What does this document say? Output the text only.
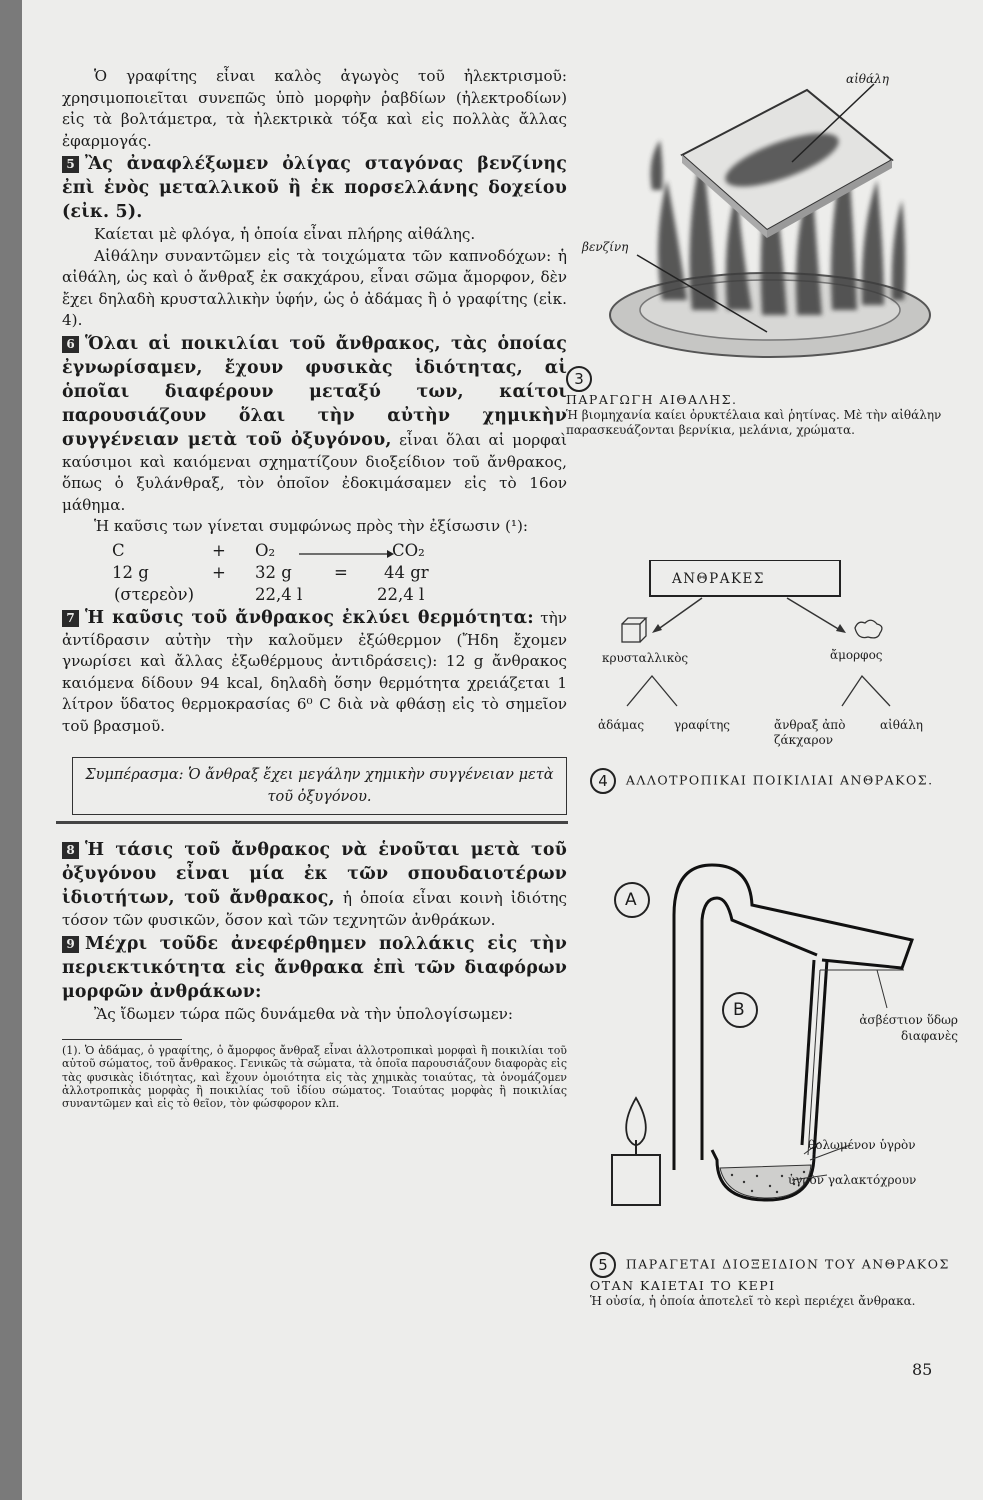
Ὁ γραφίτης εἶναι καλὸς ἀγωγὸς τοῦ ἠλεκτρισμοῦ: χρησιμοποιεῖται συνεπῶς ὑπὸ μορφὴν ῥαβδίων (ἠλεκτροδίων) εἰς τὰ βολτάμετρα, τὰ ἠλεκτρικὰ τόξα καὶ εἰς πολλὰς ἄλλας ἐφαρμογάς.

5 Ἂς ἀναφλέξωμεν ὀλίγας σταγόνας βενζίνης ἐπὶ ἑνὸς μεταλλικοῦ ἢ ἐκ πορσελλάνης δοχείου (εἰκ. 5).

Καίεται μὲ φλόγα, ἡ ὁποία εἶναι πλήρης αἰθάλης.

Αἰθάλην συναντῶμεν εἰς τὰ τοιχώματα τῶν καπνοδόχων: ἡ αἰθάλη, ὡς καὶ ὁ ἄνθραξ ἐκ σακχάρου, εἶναι σῶμα ἄμορφον, δὲν ἔχει δηλαδὴ κρυσταλλικὴν ὑφήν, ὡς ὁ ἀδάμας ἢ ὁ γραφίτης (εἰκ. 4).

6 Ὅλαι αἱ ποικιλίαι τοῦ ἄνθρακος, τὰς ὁποίας ἐγνωρίσαμεν, ἔχουν φυσικὰς ἰδιότητας, αἱ ὁποῖαι διαφέρουν μεταξύ των, καίτοι παρουσιάζουν ὅλαι τὴν αὐτὴν χημικὴν συγγένειαν μετὰ τοῦ ὀξυγόνου, εἶναι ὅλαι αἱ μορφαὶ καύσιμοι καὶ καιόμεναι σχηματίζουν διοξείδιον τοῦ ἄνθρακος, ὅπως ὁ ξυλάνθραξ, τὸν ὁποῖον ἐδοκιμάσαμεν εἰς τὸ 16ον μάθημα.

Ἡ καῦσις των γίνεται συμφώνως πρὸς τὴν ἐξίσωσιν (¹):

C	+ O₂	CO₂
12 g	+ 32 g	= 44 gr
(στερεὸν)	22,4 l	22,4 l

7 Ἡ καῦσις τοῦ ἄνθρακος ἐκλύει θερμότητα: τὴν ἀντίδρασιν αὐτὴν τὴν καλοῦμεν ἐξώθερμον (Ἤδη ἔχομεν γνωρίσει καὶ ἄλλας ἐξωθέρμους ἀντιδράσεις): 12 g ἄνθρακος καιόμενα δίδουν 94 kcal, δηλαδὴ ὅσην θερμότητα χρειάζεται 1 λίτρον ὕδατος θερμοκρασίας 6⁰ C διὰ νὰ φθάσῃ εἰς τὸ σημεῖον τοῦ βρασμοῦ.

Συμπέρασμα: Ὁ ἄνθραξ ἔχει μεγάλην χημικὴν συγγένειαν μετὰ τοῦ ὀξυγόνου.

8 Ἡ τάσις τοῦ ἄνθρακος νὰ ἑνοῦται μετὰ τοῦ ὀξυγόνου εἶναι μία ἐκ τῶν σπουδαιοτέρων ἰδιοτήτων, τοῦ ἄνθρακος, ἡ ὁποία εἶναι κοινὴ ἰδιότης τόσον τῶν φυσικῶν, ὅσον καὶ τῶν τεχνητῶν ἀνθράκων.

9 Μέχρι τοῦδε ἀνεφέρθημεν πολλάκις εἰς τὴν περιεκτικότητα εἰς ἄνθρακα ἐπὶ τῶν διαφόρων μορφῶν ἀνθράκων:

Ἂς ἴδωμεν τώρα πῶς δυνάμεθα νὰ τὴν ὑπολογίσωμεν:

(1). Ὁ ἀδάμας, ὁ γραφίτης, ὁ ἄμορφος ἄνθραξ εἶναι ἀλλοτροπικαὶ μορφαὶ ἢ ποικιλίαι τοῦ αὐτοῦ σώματος, τοῦ ἄνθρακος. Γενικῶς τὰ σώματα, τὰ ὁποῖα παρουσιάζουν διαφορὰς εἰς τὰς φυσικὰς ἰδιότητας, καὶ ἔχουν ὁμοιότητα εἰς τὰς χημικὰς τοιαύτας, τὰ ὀνομάζομεν ἀλλοτροπικὰς μορφὰς ἢ ποικιλίας τοῦ ἰδίου σώματος. Τοιαύτας μορφὰς ἢ ποικιλίας συναντῶμεν καὶ εἰς τὸ θεῖον, τὸν φώσφορον κλπ.

αἰθάλη
βενζίνη
3
ΠΑΡΑΓΩΓΗ ΑΙΘΑΛΗΣ.
Ἡ βιομηχανία καίει ὀρυκτέλαια καὶ ῥητίνας. Μὲ τὴν αἰθάλην παρασκευάζονται βερνίκια, μελάνια, χρώματα.
ΑΝΘΡΑΚΕΣ
κρυσταλλικὸς	ἄμορφος
ἀδάμας γραφίτης	ἄνθραξ ἀπὸ ζάκχαρον
αἰθάλη
4 ΑΛΛΟΤΡΟΠΙΚΑΙ ΠΟΙΚΙΛΙΑΙ ΑΝΘΡΑΚΟΣ.
A
B	ἀσβέστιον ὕδωρ διαφανὲς
θολωμένον ὑγρὸν
ὑγρὸν γαλακτόχρουν
5 ΠΑΡΑΓΕΤΑΙ ΔΙΟΞΕΙΔΙΟΝ ΤΟΥ ΑΝΘΡΑΚΟΣ ΟΤΑΝ ΚΑΙΕΤΑΙ ΤΟ ΚΕΡΙ
Ἡ οὐσία, ἡ ὁποία ἀποτελεῖ τὸ κερὶ περιέχει ἄνθρακα.
85
